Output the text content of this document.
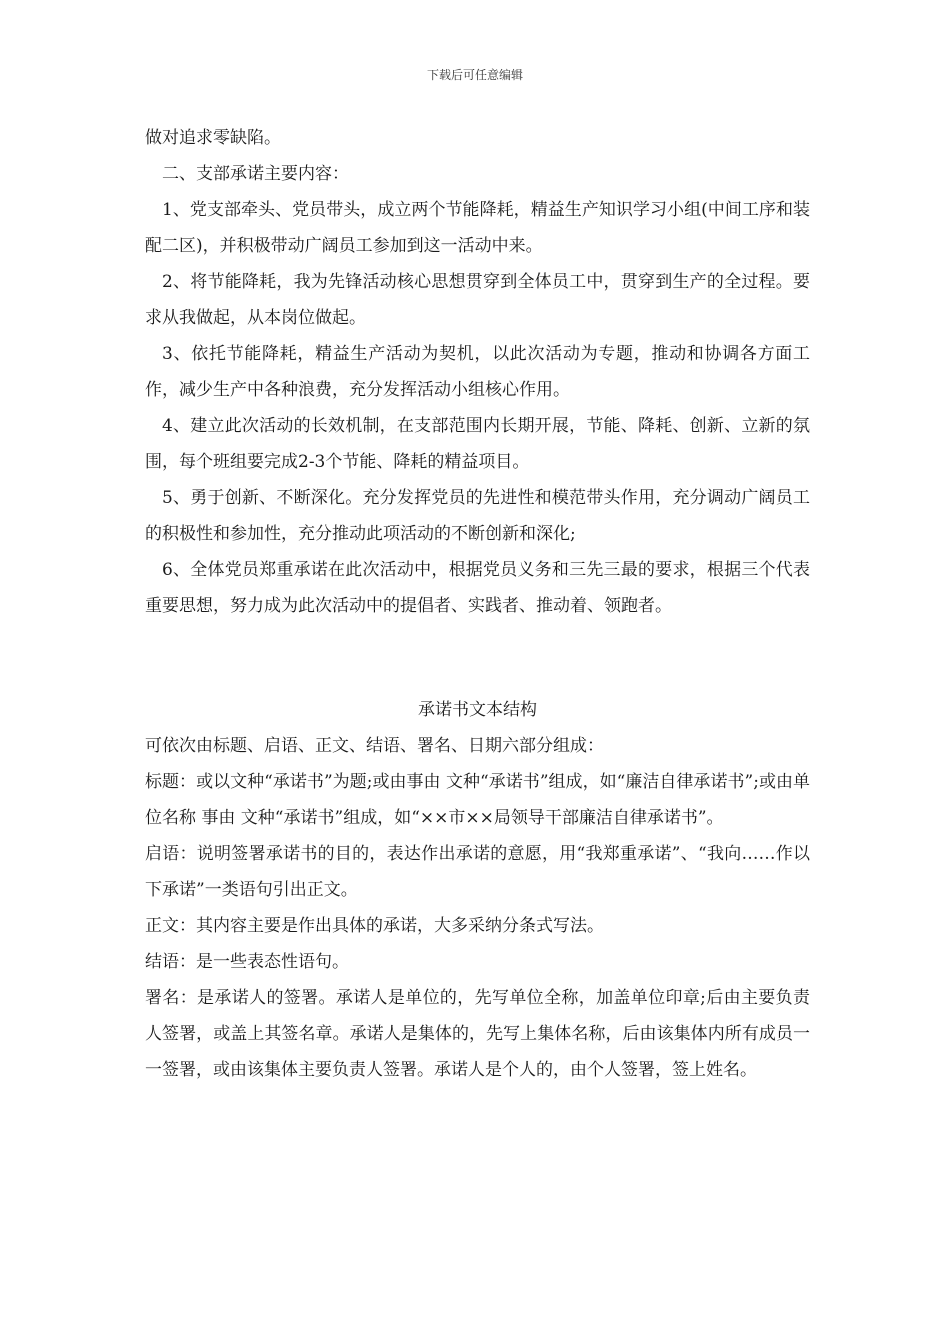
下载后可任意编辑

做对追求零缺陷。

二、支部承诺主要内容：

1、党支部牵头、党员带头，成立两个节能降耗，精益生产知识学习小组(中间工序和装配二区)，并积极带动广阔员工参加到这一活动中来。

2、将节能降耗，我为先锋活动核心思想贯穿到全体员工中，贯穿到生产的全过程。要求从我做起，从本岗位做起。

3、依托节能降耗，精益生产活动为契机，以此次活动为专题，推动和协调各方面工作，减少生产中各种浪费，充分发挥活动小组核心作用。

4、建立此次活动的长效机制，在支部范围内长期开展，节能、降耗、创新、立新的氛围，每个班组要完成2-3个节能、降耗的精益项目。

5、勇于创新、不断深化。充分发挥党员的先进性和模范带头作用，充分调动广阔员工的积极性和参加性，充分推动此项活动的不断创新和深化;

6、全体党员郑重承诺在此次活动中，根据党员义务和三先三最的要求，根据三个代表重要思想，努力成为此次活动中的提倡者、实践者、推动着、领跑者。

承诺书文本结构

可依次由标题、启语、正文、结语、署名、日期六部分组成：

标题：或以文种“承诺书”为题;或由事由 文种“承诺书”组成，如“廉洁自律承诺书”;或由单位名称 事由 文种“承诺书”组成，如“××市××局领导干部廉洁自律承诺书”。

启语：说明签署承诺书的目的，表达作出承诺的意愿，用“我郑重承诺”、“我向……作以下承诺”一类语句引出正文。

正文：其内容主要是作出具体的承诺，大多采纳分条式写法。

结语：是一些表态性语句。

署名：是承诺人的签署。承诺人是单位的，先写单位全称，加盖单位印章;后由主要负责人签署，或盖上其签名章。承诺人是集体的，先写上集体名称，后由该集体内所有成员一一签署，或由该集体主要负责人签署。承诺人是个人的，由个人签署，签上姓名。
